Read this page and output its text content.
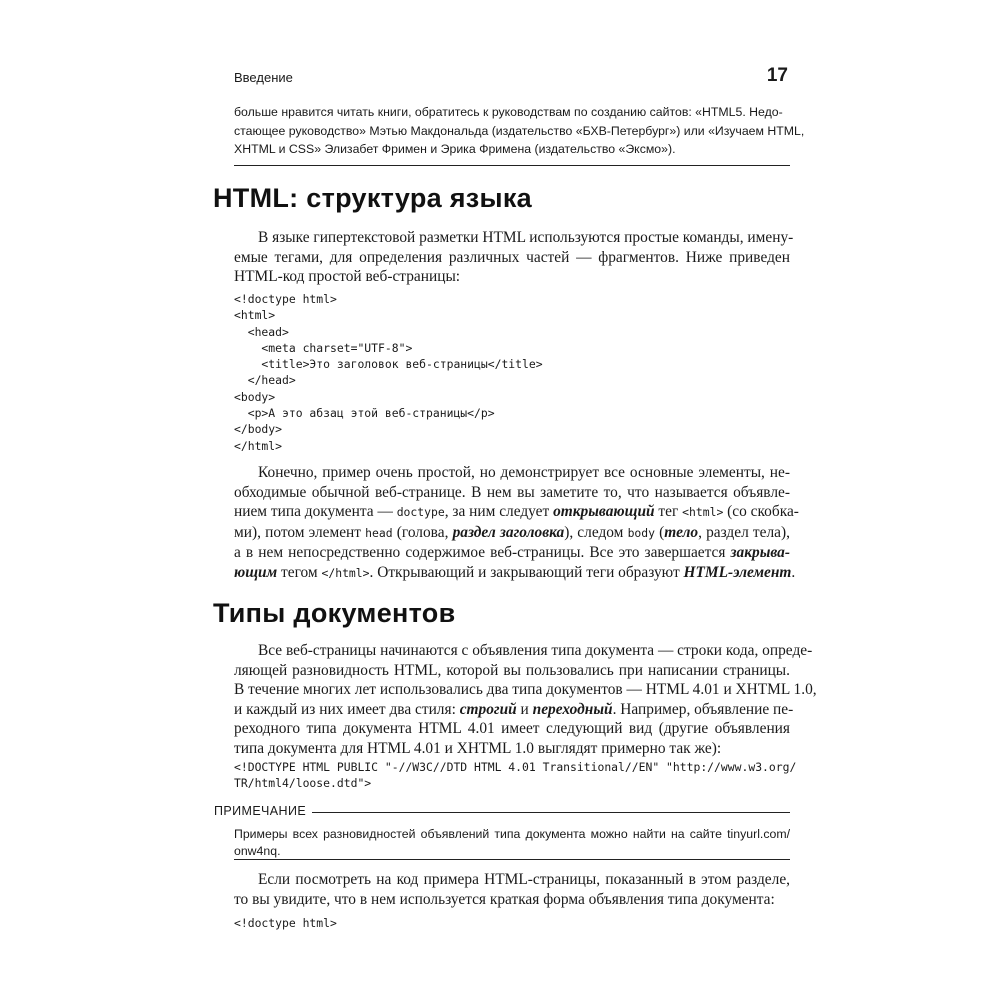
Введение	17
больше нравится читать книги, обратитесь к руководствам по созданию сайтов: «HTML5. Недо-
стающее руководство» Мэтью Макдональда (издательство «БХВ-Петербург») или «Изучаем HTML,
XHTML и CSS» Элизабет Фримен и Эрика Фримена (издательство «Эксмо»).
HTML: структура языка
В языке гипертекстовой разметки HTML используются простые команды, имену-
емые тегами, для определения различных частей — фрагментов. Ниже приведен
HTML-код простой веб-страницы:
<!doctype html>
<html>
<head>
<meta charset="UTF-8">
<title>Это заголовок веб-страницы</title>
</head>
<body>
<p>А это абзац этой веб-страницы</p>
</body>
</html>
Конечно, пример очень простой, но демонстрирует все основные элементы, не-
обходимые обычной веб-странице. В нем вы заметите то, что называется объявле-
нием типа документа — doctype, за ним следует открывающий тег <html> (со скобка-
ми), потом элемент head (голова, раздел заголовка), следом body (тело, раздел тела),
а в нем непосредственно содержимое веб-страницы. Все это завершается закрыва-
ющим тегом </html>. Открывающий и закрывающий теги образуют HTML-элемент.
Типы документов
Все веб-страницы начинаются с объявления типа документа — строки кода, опреде-
ляющей разновидность HTML, которой вы пользовались при написании страницы.
В течение многих лет использовались два типа документов — HTML 4.01 и XHTML 1.0,
и каждый из них имеет два стиля: строгий и переходный. Например, объявление пе-
реходного типа документа HTML 4.01 имеет следующий вид (другие объявления
типа документа для HTML 4.01 и XHTML 1.0 выглядят примерно так же):
<!DOCTYPE HTML PUBLIC "-//W3C//DTD HTML 4.01 Transitional//EN" "http://www.w3.org/
TR/html4/loose.dtd">
ПРИМЕЧАНИЕ
Примеры всех разновидностей объявлений типа документа можно найти на сайте tinyurl.com/
onw4nq.
Если посмотреть на код примера HTML-страницы, показанный в этом разделе,
то вы увидите, что в нем используется краткая форма объявления типа документа:
<!doctype html>
